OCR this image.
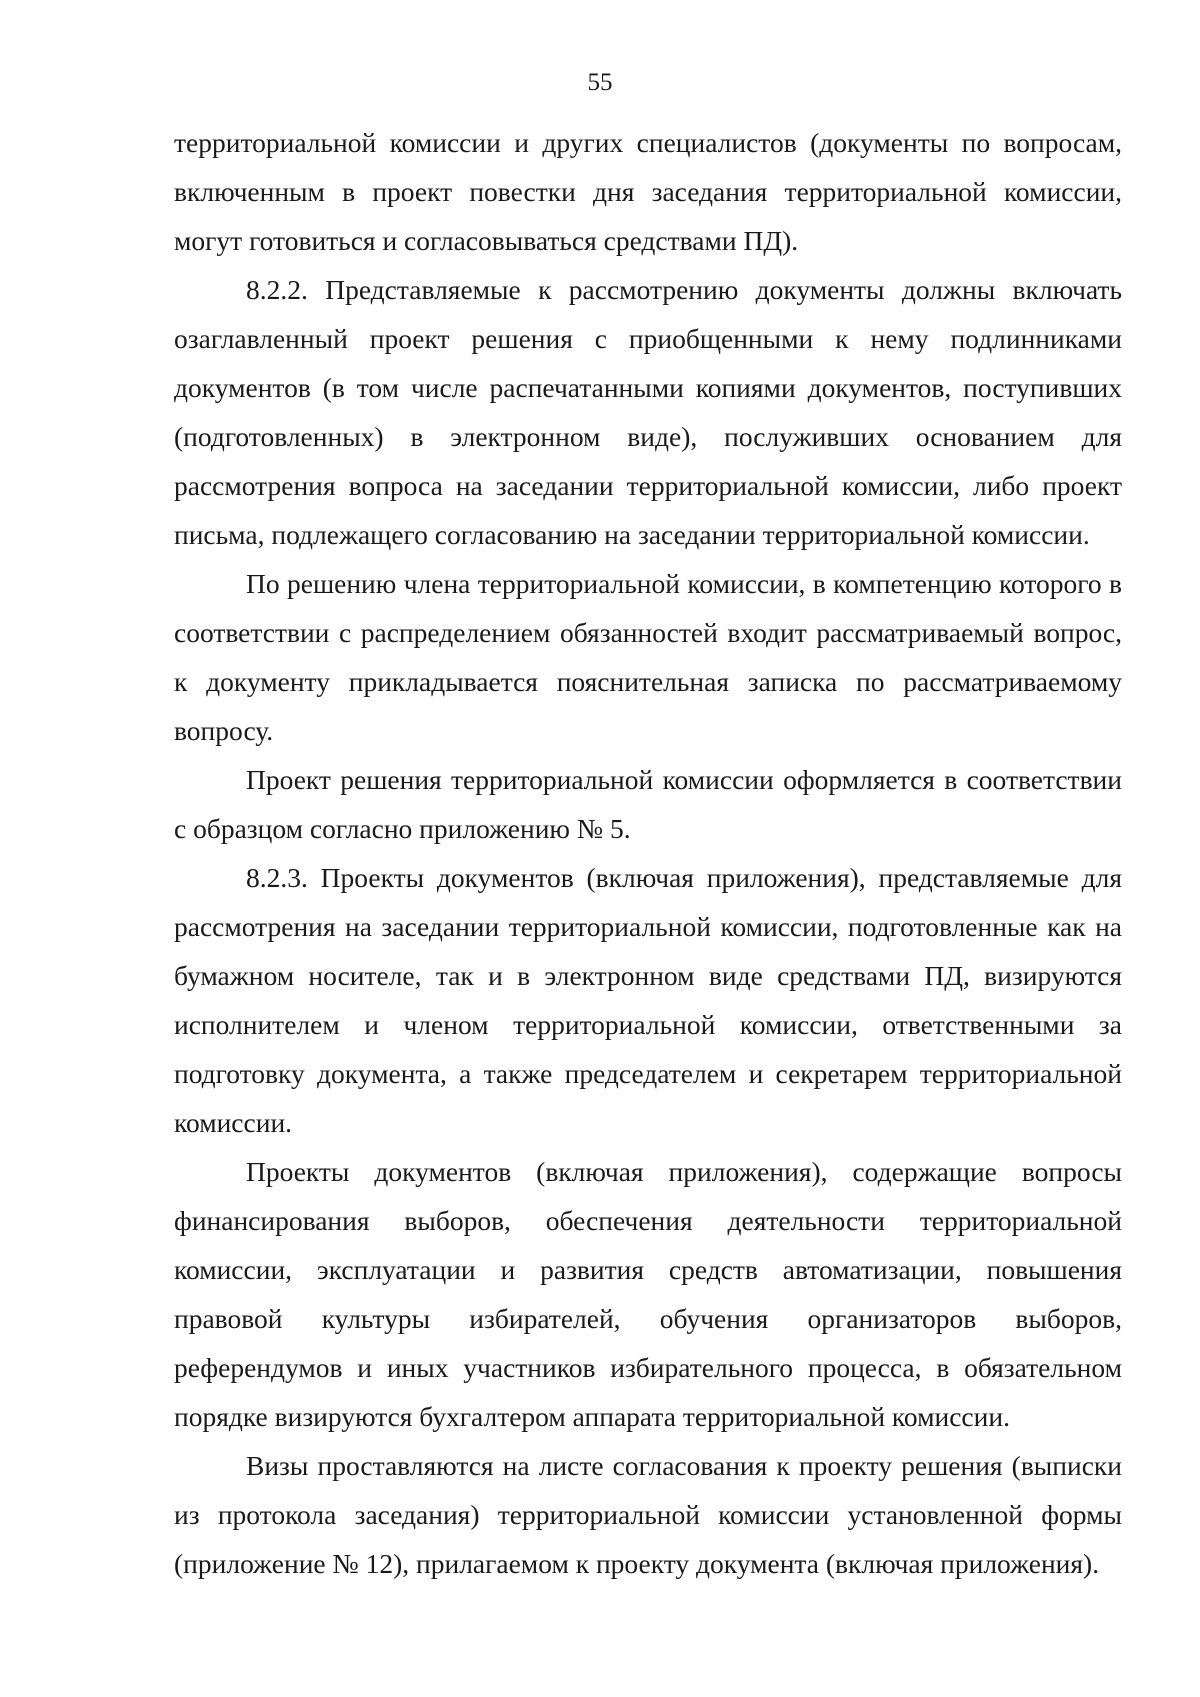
55

территориальной комиссии и других специалистов (документы по вопросам, включенным в проект повестки дня заседания территориальной комиссии, могут готовиться и согласовываться средствами ПД).

8.2.2. Представляемые к рассмотрению документы должны включать озаглавленный проект решения с приобщенными к нему подлинниками документов (в том числе распечатанными копиями документов, поступивших (подготовленных) в электронном виде), послуживших основанием для рассмотрения вопроса на заседании территориальной комиссии, либо проект письма, подлежащего согласованию на заседании территориальной комиссии.

По решению члена территориальной комиссии, в компетенцию которого в соответствии с распределением обязанностей входит рассматриваемый вопрос, к документу прикладывается пояснительная записка по рассматриваемому вопросу.

Проект решения территориальной комиссии оформляется в соответствии с образцом согласно приложению № 5.

8.2.3. Проекты документов (включая приложения), представляемые для рассмотрения на заседании территориальной комиссии, подготовленные как на бумажном носителе, так и в электронном виде средствами ПД, визируются исполнителем и членом территориальной комиссии, ответственными за подготовку документа, а также председателем и секретарем территориальной комиссии.

Проекты документов (включая приложения), содержащие вопросы финансирования выборов, обеспечения деятельности территориальной комиссии, эксплуатации и развития средств автоматизации, повышения правовой культуры избирателей, обучения организаторов выборов, референдумов и иных участников избирательного процесса, в обязательном порядке визируются бухгалтером аппарата территориальной комиссии.

Визы проставляются на листе согласования к проекту решения (выписки из протокола заседания) территориальной комиссии установленной формы (приложение № 12), прилагаемом к проекту документа (включая приложения).
